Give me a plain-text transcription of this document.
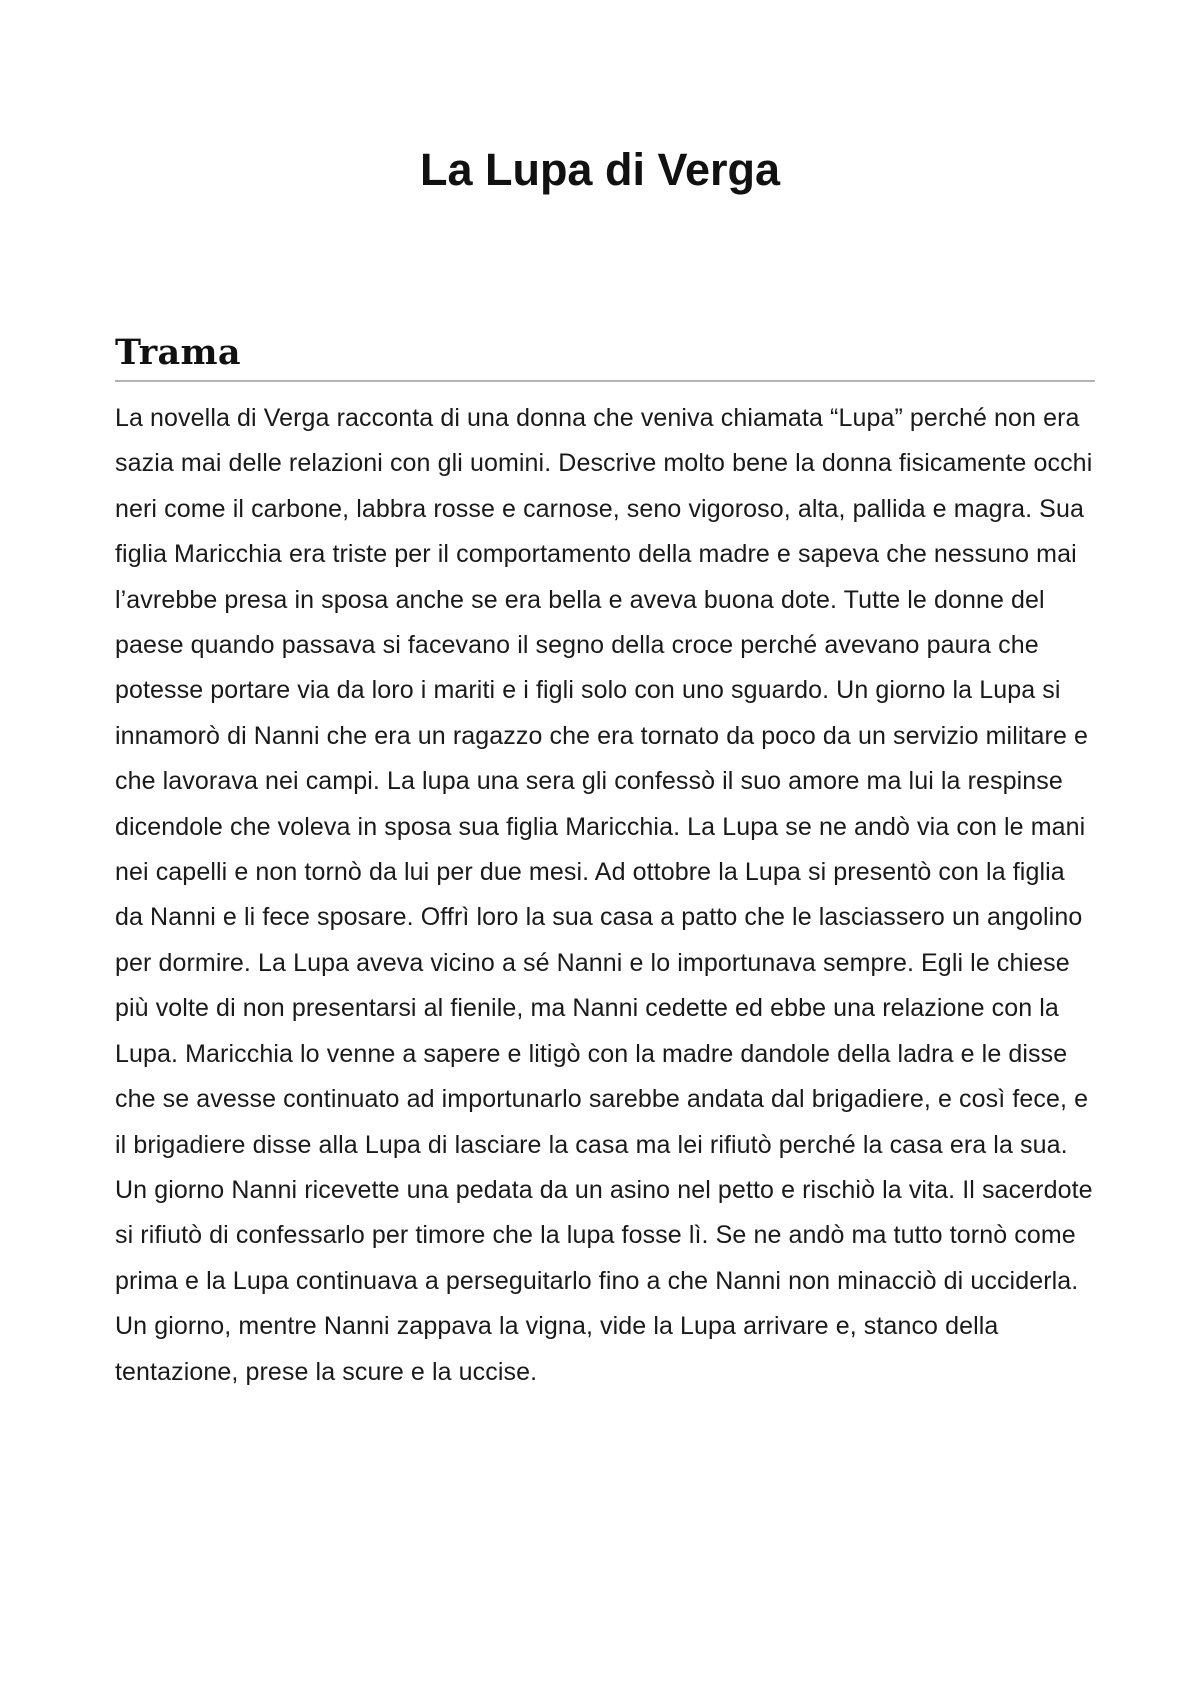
La Lupa di Verga
Trama

La novella di Verga racconta di una donna che veniva chiamata “Lupa” perché non era sazia mai delle relazioni con gli uomini. Descrive molto bene la donna fisicamente occhi neri come il carbone, labbra rosse e carnose, seno vigoroso, alta, pallida e magra. Sua figlia Maricchia era triste per il comportamento della madre e sapeva che nessuno mai l’avrebbe presa in sposa anche se era bella e aveva buona dote. Tutte le donne del paese quando passava si facevano il segno della croce perché avevano paura che potesse portare via da loro i mariti e i figli solo con uno sguardo. Un giorno la Lupa si innamorò di Nanni che era un ragazzo che era tornato da poco da un servizio militare e che lavorava nei campi. La lupa una sera gli confessò il suo amore ma lui la respinse dicendole che voleva in sposa sua figlia Maricchia. La Lupa se ne andò via con le mani nei capelli e non tornò da lui per due mesi. Ad ottobre la Lupa si presentò con la figlia da Nanni e li fece sposare. Offrì loro la sua casa a patto che le lasciassero un angolino per dormire. La Lupa aveva vicino a sé Nanni e lo importunava sempre. Egli le chiese più volte di non presentarsi al fienile, ma Nanni cedette ed ebbe una relazione con la Lupa. Maricchia lo venne a sapere e litigò con la madre dandole della ladra e le disse che se avesse continuato ad importunarlo sarebbe andata dal brigadiere, e così fece, e il brigadiere disse alla Lupa di lasciare la casa ma lei rifiutò perché la casa era la sua. Un giorno Nanni ricevette una pedata da un asino nel petto e rischiò la vita. Il sacerdote si rifiutò di confessarlo per timore che la lupa fosse lì. Se ne andò ma tutto tornò come prima e la Lupa continuava a perseguitarlo fino a che Nanni non minacciò di ucciderla. Un giorno, mentre Nanni zappava la vigna, vide la Lupa arrivare e, stanco della tentazione, prese la scure e la uccise.
